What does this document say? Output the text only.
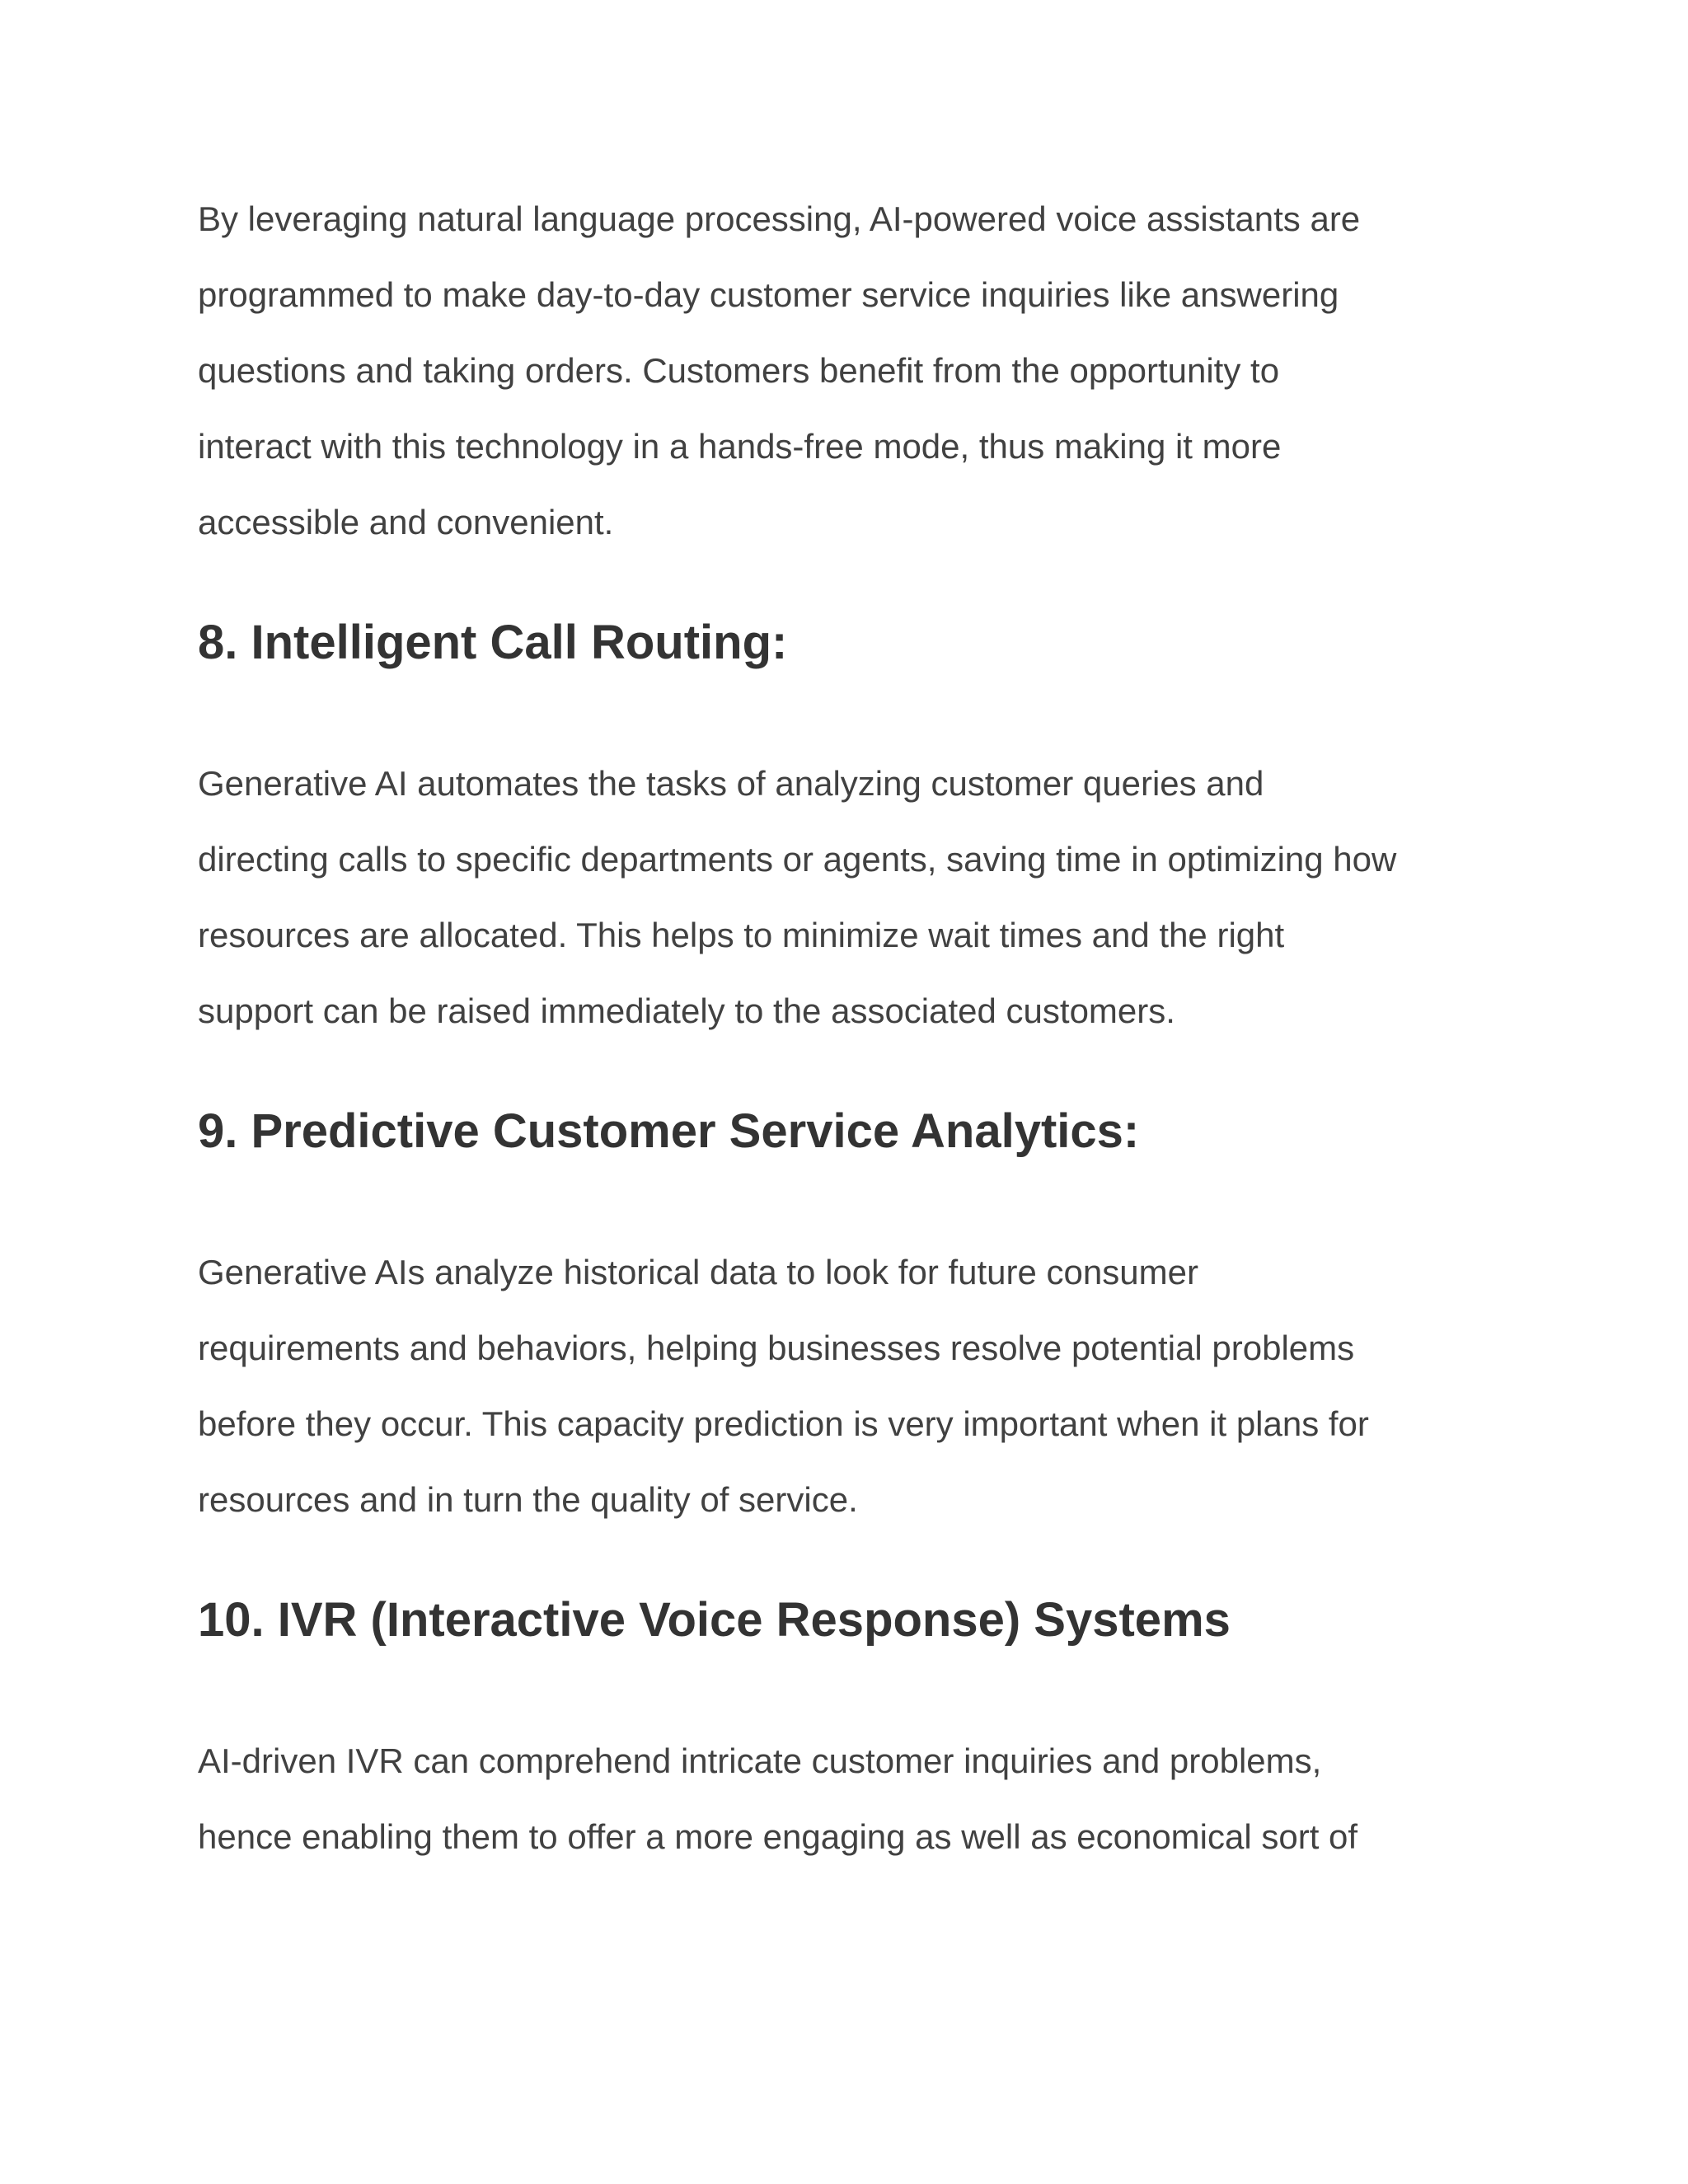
By leveraging natural language processing, AI-powered voice assistants are
programmed to make day-to-day customer service inquiries like answering
questions and taking orders. Customers benefit from the opportunity to
interact with this technology in a hands-free mode, thus making it more
accessible and convenient.

8. Intelligent Call Routing:

Generative AI automates the tasks of analyzing customer queries and
directing calls to specific departments or agents, saving time in optimizing how
resources are allocated. This helps to minimize wait times and the right
support can be raised immediately to the associated customers.

9. Predictive Customer Service Analytics:

Generative AIs analyze historical data to look for future consumer
requirements and behaviors, helping businesses resolve potential problems
before they occur. This capacity prediction is very important when it plans for
resources and in turn the quality of service.

10. IVR (Interactive Voice Response) Systems

AI-driven IVR can comprehend intricate customer inquiries and problems,
hence enabling them to offer a more engaging as well as economical sort of
